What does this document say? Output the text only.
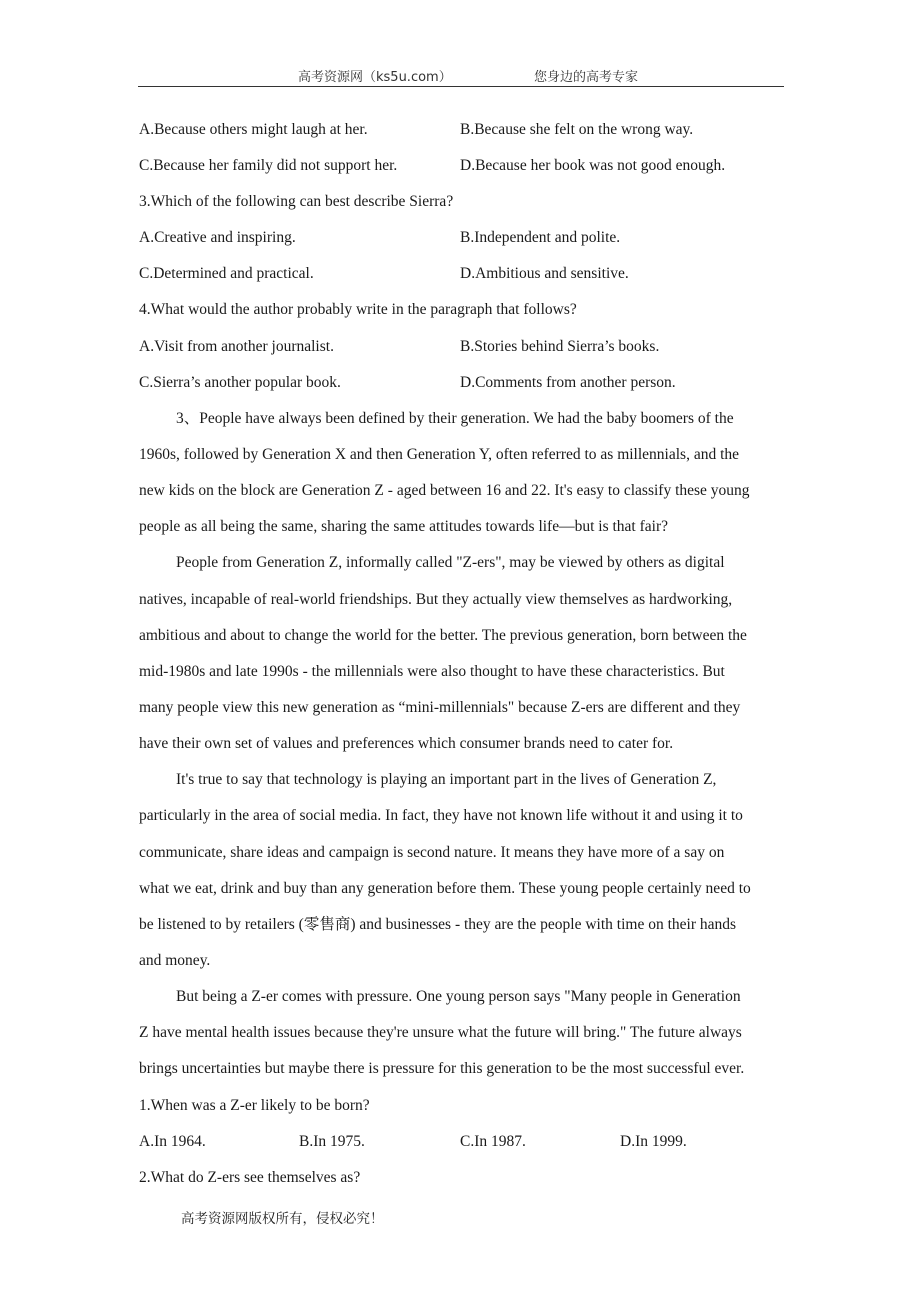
高考资源网（ks5u.com）	您身边的高考专家
A.Because others might laugh at her.	B.Because she felt on the wrong way.
C.Because her family did not support her.	D.Because her book was not good enough.
3.Which of the following can best describe Sierra?
A.Creative and inspiring.	B.Independent and polite.
C.Determined and practical.	D.Ambitious and sensitive.
4.What would the author probably write in the paragraph that follows?
A.Visit from another journalist.	B.Stories behind Sierra’s books.
C.Sierra’s another popular book.	D.Comments from another person.
3、People have always been defined by their generation. We had the baby boomers of the
1960s, followed by Generation X and then Generation Y, often referred to as millennials, and the
new kids on the block are Generation Z - aged between 16 and 22. It's easy to classify these young
people as all being the same, sharing the same attitudes towards life—but is that fair?
People from Generation Z, informally called "Z-ers", may be viewed by others as digital
natives, incapable of real-world friendships. But they actually view themselves as hardworking,
ambitious and about to change the world for the better. The previous generation, born between the
mid-1980s and late 1990s - the millennials were also thought to have these characteristics. But
many people view this new generation as “mini-millennials" because Z-ers are different and they
have their own set of values and preferences which consumer brands need to cater for.
It's true to say that technology is playing an important part in the lives of Generation Z,
particularly in the area of social media. In fact, they have not known life without it and using it to
communicate, share ideas and campaign is second nature. It means they have more of a say on
what we eat, drink and buy than any generation before them. These young people certainly need to
be listened to by retailers (零售商) and businesses - they are the people with time on their hands
and money.
But being a Z-er comes with pressure. One young person says "Many people in Generation
Z have mental health issues because they're unsure what the future will bring." The future always
brings uncertainties but maybe there is pressure for this generation to be the most successful ever.
1.When was a Z-er likely to be born?
A.In 1964.	B.In 1975.	C.In 1987.	D.In 1999.
2.What do Z-ers see themselves as?
高考资源网版权所有，侵权必究！
